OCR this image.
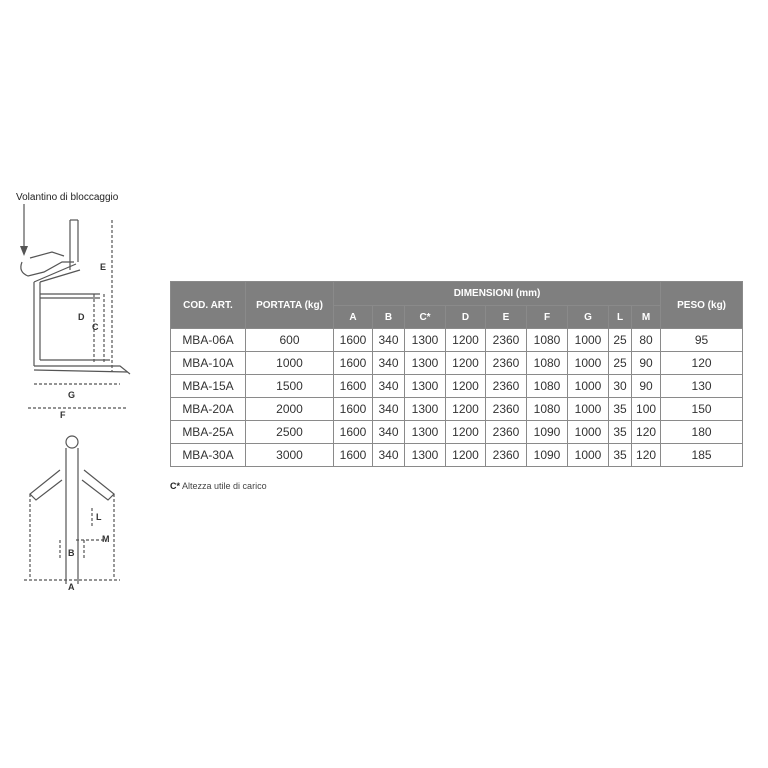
E
D
C
G
F
L
M
B
A
Volantino di bloccaggio
COD. ART.	PORTATA (kg)	DIMENSIONI (mm)									PESO (kg)
		A	B	C*	D	E	F	G	L	M	
MBA-06A	600	1600	340	1300	1200	2360	1080	1000	25	80	95
MBA-10A	1000	1600	340	1300	1200	2360	1080	1000	25	90	120
MBA-15A	1500	1600	340	1300	1200	2360	1080	1000	30	90	130
MBA-20A	2000	1600	340	1300	1200	2360	1080	1000	35	100	150
MBA-25A	2500	1600	340	1300	1200	2360	1090	1000	35	120	180
MBA-30A	3000	1600	340	1300	1200	2360	1090	1000	35	120	185
C* Altezza utile di carico
